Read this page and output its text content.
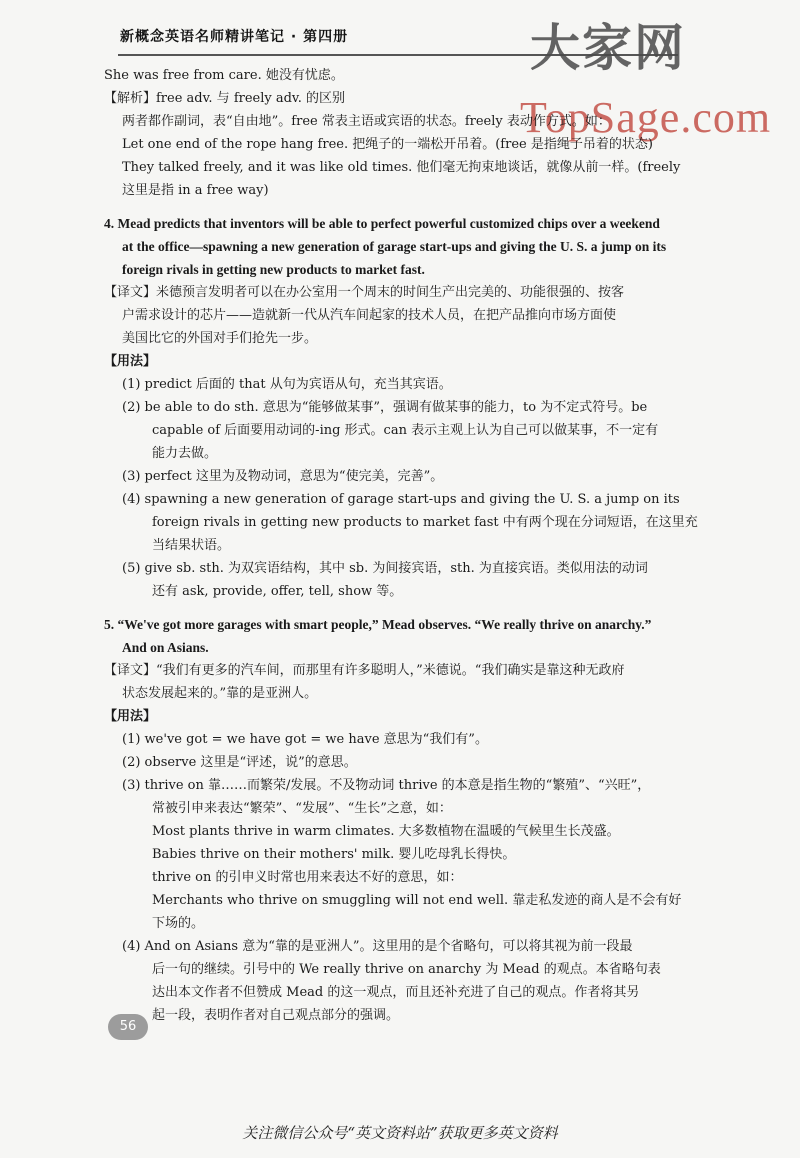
新概念英语名师精讲笔记 · 第四册	大家网
TopSage.com
She was free from care. 她没有忧虑。
【解析】free adv. 与 freely adv. 的区别
两者都作副词，表“自由地”。free 常表主语或宾语的状态。freely 表动作方式。如：
Let one end of the rope hang free. 把绳子的一端松开吊着。(free 是指绳子吊着的状态)
They talked freely, and it was like old times. 他们毫无拘束地谈话，就像从前一样。(freely
这里是指 in a free way)
4. Mead predicts that inventors will be able to perfect powerful customized chips over a weekend
at the office—spawning a new generation of garage start-ups and giving the U. S. a jump on its
foreign rivals in getting new products to market fast.
【译文】米德预言发明者可以在办公室用一个周末的时间生产出完美的、功能很强的、按客
户需求设计的芯片——造就新一代从汽车间起家的技术人员，在把产品推向市场方面使
美国比它的外国对手们抢先一步。
【用法】
(1) predict 后面的 that 从句为宾语从句，充当其宾语。
(2) be able to do sth. 意思为“能够做某事”，强调有做某事的能力，to 为不定式符号。be
capable of 后面要用动词的-ing 形式。can 表示主观上认为自己可以做某事，不一定有
能力去做。
(3) perfect 这里为及物动词，意思为“使完美，完善”。
(4) spawning a new generation of garage start-ups and giving the U. S. a jump on its
foreign rivals in getting new products to market fast 中有两个现在分词短语，在这里充
当结果状语。
(5) give sb. sth. 为双宾语结构，其中 sb. 为间接宾语，sth. 为直接宾语。类似用法的动词
还有 ask, provide, offer, tell, show 等。
5. “We've got more garages with smart people,” Mead observes. “We really thrive on anarchy.”
And on Asians.
【译文】“我们有更多的汽车间，而那里有许多聪明人，”米德说。“我们确实是靠这种无政府
状态发展起来的。”靠的是亚洲人。
【用法】
(1) we've got = we have got = we have 意思为“我们有”。
(2) observe 这里是“评述，说”的意思。
(3) thrive on 靠……而繁荣/发展。不及物动词 thrive 的本意是指生物的“繁殖”、“兴旺”，
常被引申来表达“繁荣”、“发展”、“生长”之意，如：
Most plants thrive in warm climates. 大多数植物在温暖的气候里生长茂盛。
Babies thrive on their mothers' milk. 婴儿吃母乳长得快。
thrive on 的引申义时常也用来表达不好的意思，如：
Merchants who thrive on smuggling will not end well. 靠走私发迹的商人是不会有好
下场的。
(4) And on Asians 意为“靠的是亚洲人”。这里用的是个省略句，可以将其视为前一段最
后一句的继续。引号中的 We really thrive on anarchy 为 Mead 的观点。本省略句表
达出本文作者不但赞成 Mead 的这一观点，而且还补充进了自己的观点。作者将其另
起一段，表明作者对自己观点部分的强调。
56
关注微信公众号“英文资料站”获取更多英文资料
